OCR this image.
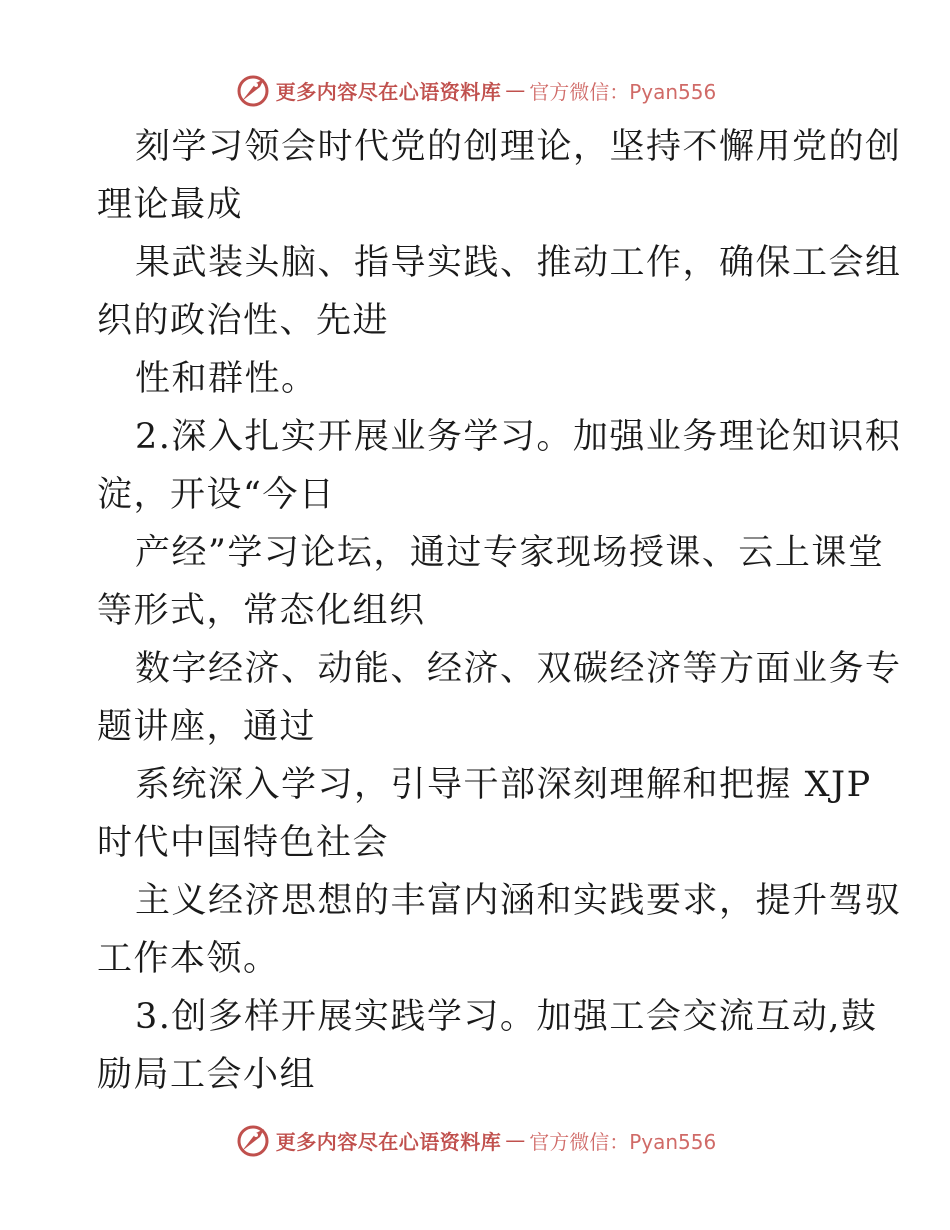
更多内容尽在心语资料库 — 官方微信：Pyan556
刻学习领会时代党的创理论，坚持不懈用党的创
理论最成
果武装头脑、指导实践、推动工作，确保工会组
织的政治性、先进
性和群性。
2.深入扎实开展业务学习。加强业务理论知识积
淀，开设“今日
产经”学习论坛，通过专家现场授课、云上课堂
等形式，常态化组织
数字经济、动能、经济、双碳经济等方面业务专
题讲座，通过
系统深入学习，引导干部深刻理解和把握 XJP
时代中国特色社会
主义经济思想的丰富内涵和实践要求，提升驾驭
工作本领。
3.创多样开展实践学习。加强工会交流互动,鼓
励局工会小组
更多内容尽在心语资料库 — 官方微信：Pyan556
